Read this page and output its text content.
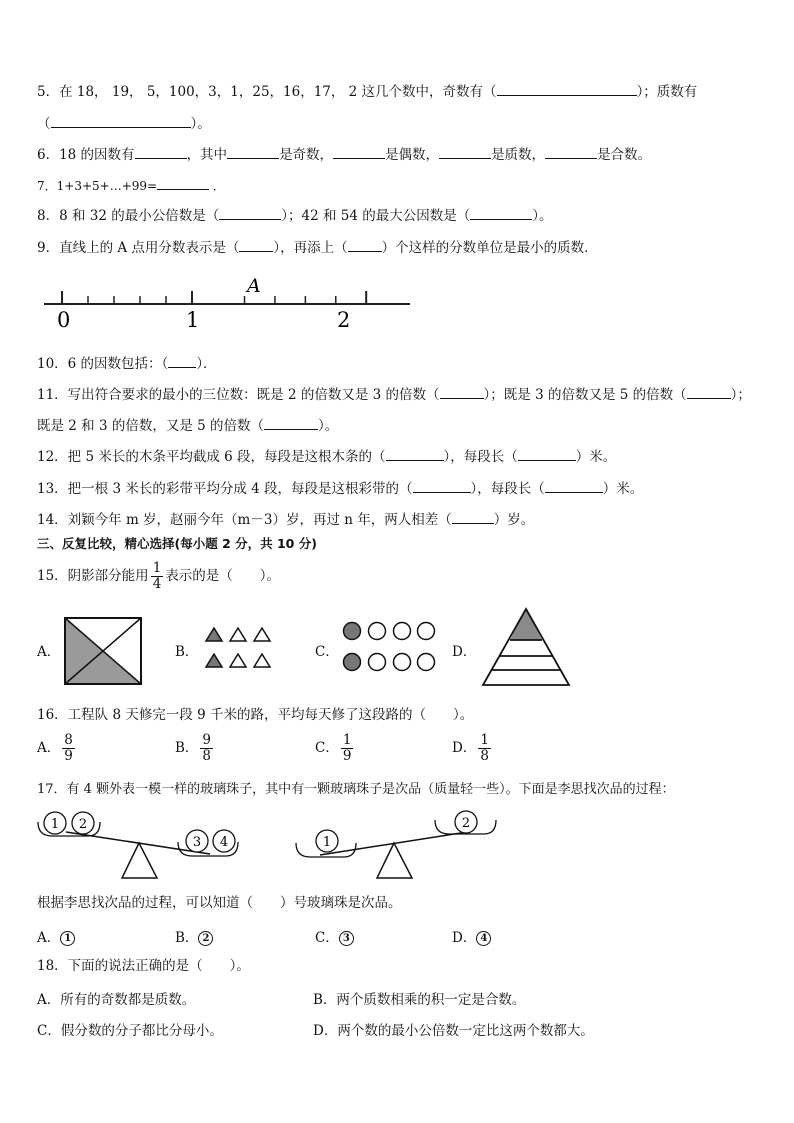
5．在 18， 19， 5，100，3，1，25，16，17， 2 这几个数中，奇数有（	）；质数有
（	）。
6．18 的因数有	，其中	是奇数，	是偶数，	是质数，	是合数。
7．1+3+5+…+99=	．
8．8 和 32 的最小公倍数是（	）；42 和 54 的最大公因数是（	）。
9．直线上的 A 点用分数表示是（	），再添上（	）个这样的分数单位是最小的质数．
0	1	2
A
10．6 的因数包括：（ ）．
11．写出符合要求的最小的三位数：既是 2 的倍数又是 3 的倍数（	）；既是 3 的倍数又是 5 的倍数（	）；
既是 2 和 3 的倍数，又是 5 的倍数（	）。
12．把 5 米长的木条平均截成 6 段，每段是这根木条的（	），每段长（	）米。
13．把一根 3 米长的彩带平均分成 4 段，每段是这根彩带的（	），每段长（	）米。
14．刘颖今年 m 岁，赵丽今年（m－3）岁，再过 n 年，两人相差（	）岁。
三、反复比较，精心选择(每小题 2 分，共 10 分)
15．阴影部分能用 $\frac{1}{4}$ 表示的是（　　）。
A．	B．	C．	D．
16．工程队 8 天修完一段 9 千米的路，平均每天修了这段路的（　　）。
A． $\frac{8}{9}$	B． $\frac{9}{8}$	C． $\frac{1}{9}$	D． $\frac{1}{8}$
17．有 4 颗外表一模一样的玻璃珠子，其中有一颗玻璃珠子是次品（质量轻一些）。下面是李思找次品的过程：
1 2
3 4	1
2
根据李思找次品的过程，可以知道（　　）号玻璃珠是次品。
A． 1	B． 2	C． 3	D． 4
18．下面的说法正确的是（　　）。
A．所有的奇数都是质数。	B．两个质数相乘的积一定是合数。
C．假分数的分子都比分母小。	D．两个数的最小公倍数一定比这两个数都大。
